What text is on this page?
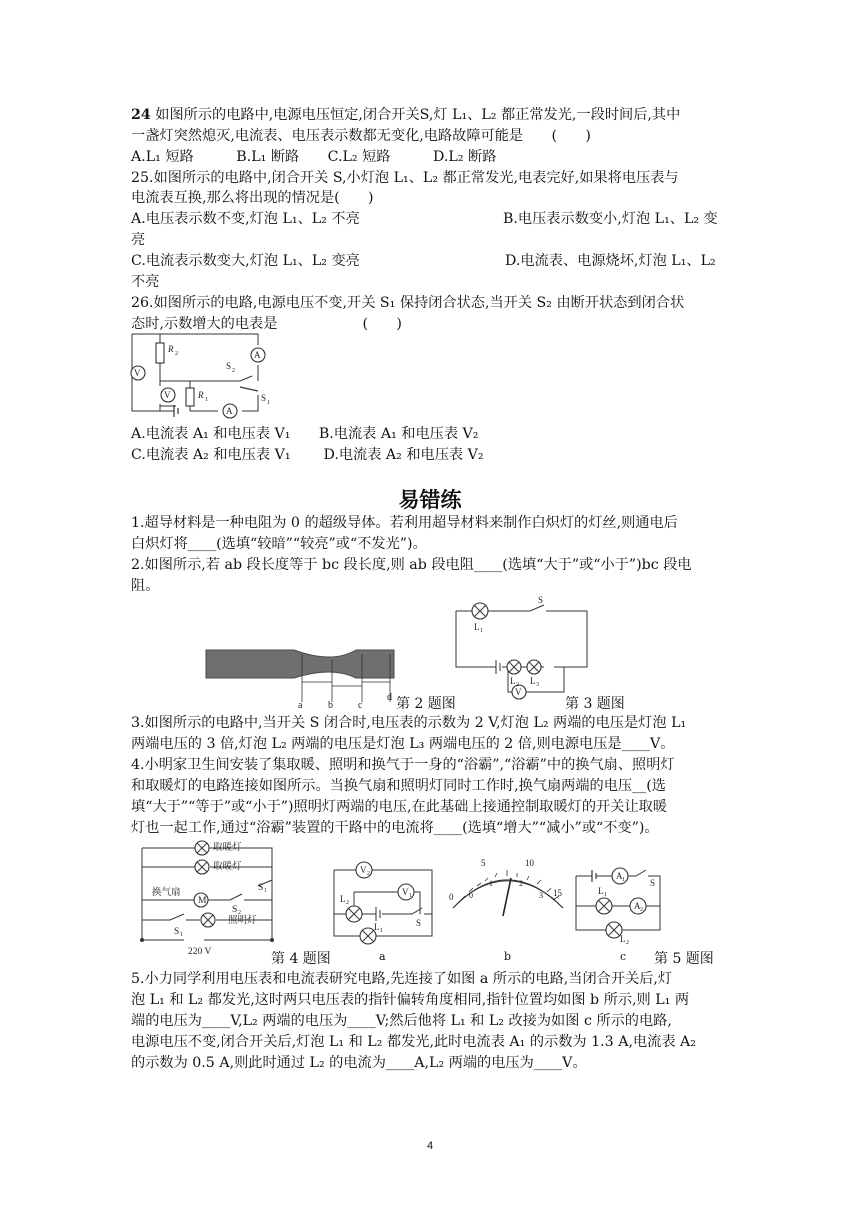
24 如图所示的电路中,电源电压恒定,闭合开关S,灯 L₁、L₂ 都正常发光,一段时间后,其中
一盏灯突然熄灭,电流表、电压表示数都无变化,电路故障可能是　　(　　)
A.L₁ 短路　　　B.L₁ 断路　　C.L₂ 短路　　　D.L₂ 断路
25.如图所示的电路中,闭合开关 S,小灯泡 L₁、L₂ 都正常发光,电表完好,如果将电压表与
电流表互换,那么将出现的情况是(　　)
A.电压表示数不变,灯泡 L₁、L₂ 不亮	B.电压表示数变小,灯泡 L₁、L₂ 变
亮
C.电流表示数变大,灯泡 L₁、L₂ 变亮	D.电流表、电源烧坏,灯泡 L₁、L₂
不亮
26.如图所示的电路,电源电压不变,开关 S₁ 保持闭合状态,当开关 S₂ 由断开状态到闭合状
态时,示数增大的电表是　　　　　　(　　)
V
V
A
A
R 2
R 1
S 2
S 1
A.电流表 A₁ 和电压表 V₁　　B.电流表 A₁ 和电压表 V₂
C.电流表 A₂ 和电压表 V₁　　 D.电流表 A₂ 和电压表 V₂
易错练
1.超导材料是一种电阻为 0 的超级导体。若利用超导材料来制作白炽灯的灯丝,则通电后
白炽灯将____(选填“较暗”“较亮”或“不发光”)。
2.如图所示,若 ab 段长度等于 bc 段长度,则 ab 段电阻____(选填“大于”或“小于”)bc 段电
阻。
a	b	c
d 第 2 题图
S
L 1
L 2 L 3
V
第 3 题图
3.如图所示的电路中,当开关 S 闭合时,电压表的示数为 2 V,灯泡 L₂ 两端的电压是灯泡 L₁
两端电压的 3 倍,灯泡 L₂ 两端的电压是灯泡 L₃ 两端电压的 2 倍,则电源电压是____V。
4.小明家卫生间安装了集取暖、照明和换气于一身的“浴霸”,“浴霸”中的换气扇、照明灯
和取暖灯的电路连接如图所示。当换气扇和照明灯同时工作时,换气扇两端的电压__(选
填“大于”“等于”或“小于”)照明灯两端的电压,在此基础上接通控制取暖灯的开关让取暖
灯也一起工作,通过“浴霸”装置的干路中的电流将____(选填“增大”“减小”或“不变”)。
取暖灯
取暖灯
换气扇
M
照明灯
220 V
S 1
S 2
S 1
第 4 题图
V 2
V 1
L 2
L 1
S
a
0
5	10
15
0
1	2
3
b
A 1
A 2
L 1
L 2
S
c 第 5 题图
5.小力同学利用电压表和电流表研究电路,先连接了如图 a 所示的电路,当闭合开关后,灯
泡 L₁ 和 L₂ 都发光,这时两只电压表的指针偏转角度相同,指针位置均如图 b 所示,则 L₁ 两
端的电压为____V,L₂ 两端的电压为____V;然后他将 L₁ 和 L₂ 改接为如图 c 所示的电路,
电源电压不变,闭合开关后,灯泡 L₁ 和 L₂ 都发光,此时电流表 A₁ 的示数为 1.3 A,电流表 A₂
的示数为 0.5 A,则此时通过 L₂ 的电流为____A,L₂ 两端的电压为____V。
4
